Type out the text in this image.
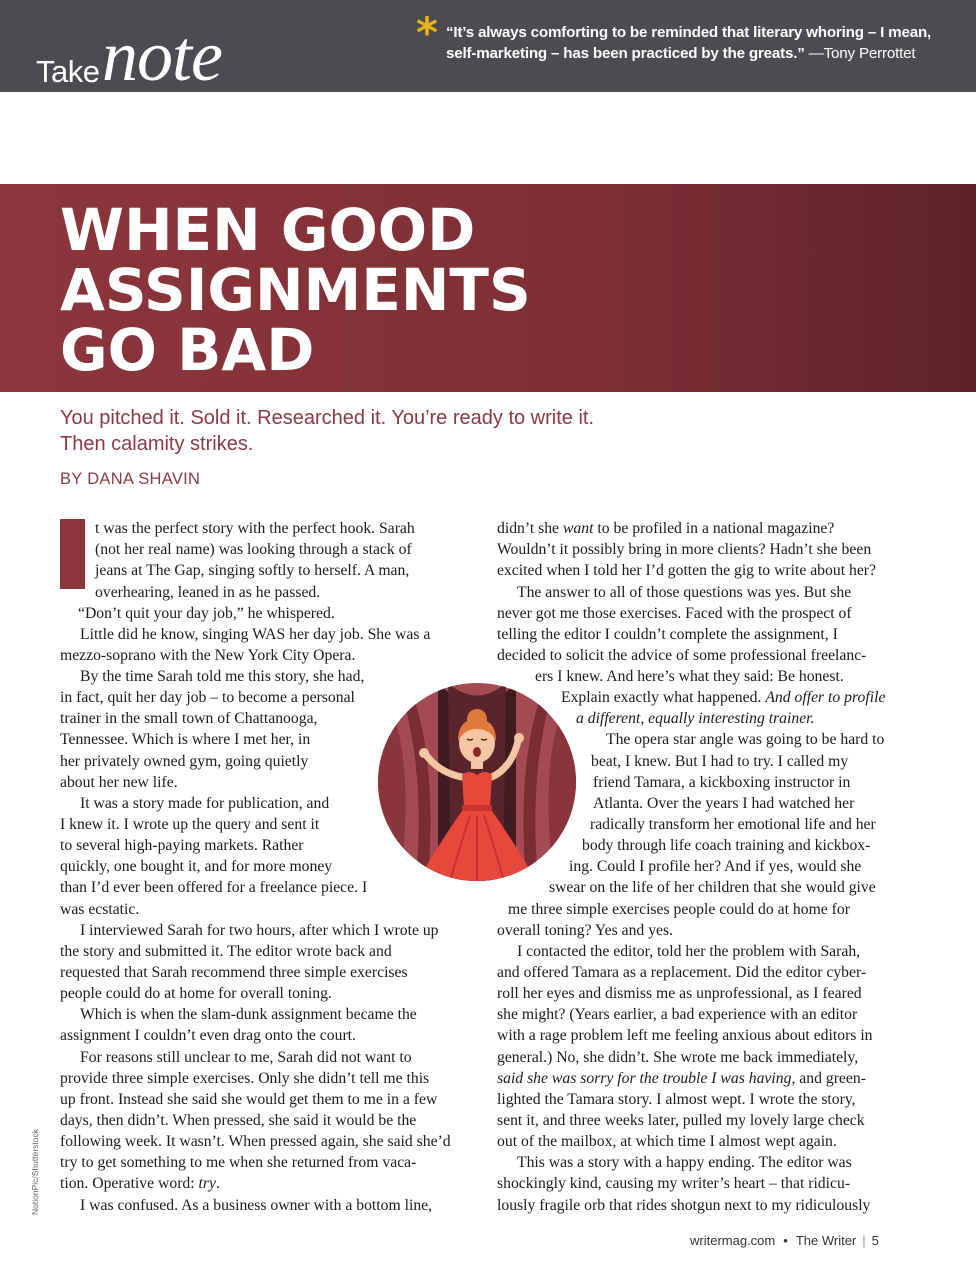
Take note	* “It’s always comforting to be reminded that literary whoring – I mean, self-marketing – has been practiced by the greats.” —Tony Perrottet
WHEN GOOD
ASSIGNMENTS
GO BAD
You pitched it. Sold it. Researched it. You’re ready to write it.
Then calamity strikes.
BY DANA SHAVIN
NotionPic/Shutterstock
t was the perfect story with the perfect hook. Sarah
(not her real name) was looking through a stack of
jeans at The Gap, singing softly to herself. A man,
overhearing, leaned in as he passed.
“Don’t quit your day job,” he whispered.
Little did he know, singing WAS her day job. She was a
mezzo-soprano with the New York City Opera.
By the time Sarah told me this story, she had,
in fact, quit her day job – to become a personal
trainer in the small town of Chattanooga,
Tennessee. Which is where I met her, in
her privately owned gym, going quietly
about her new life.
It was a story made for publication, and
I knew it. I wrote up the query and sent it
to several high-paying markets. Rather
quickly, one bought it, and for more money
than I’d ever been offered for a freelance piece. I
was ecstatic.
I interviewed Sarah for two hours, after which I wrote up
the story and submitted it. The editor wrote back and
requested that Sarah recommend three simple exercises
people could do at home for overall toning.
Which is when the slam-dunk assignment became the
assignment I couldn’t even drag onto the court.
For reasons still unclear to me, Sarah did not want to
provide three simple exercises. Only she didn’t tell me this
up front. Instead she said she would get them to me in a few
days, then didn’t. When pressed, she said it would be the
following week. It wasn’t. When pressed again, she said she’d
try to get something to me when she returned from vaca-
tion. Operative word: try.
I was confused. As a business owner with a bottom line,
didn’t she want to be profiled in a national magazine?
Wouldn’t it possibly bring in more clients? Hadn’t she been
excited when I told her I’d gotten the gig to write about her?
The answer to all of those questions was yes. But she
never got me those exercises. Faced with the prospect of
telling the editor I couldn’t complete the assignment, I
decided to solicit the advice of some professional freelanc-
ers I knew. And here’s what they said: Be honest.
Explain exactly what happened. And offer to profile
a different, equally interesting trainer.
The opera star angle was going to be hard to
beat, I knew. But I had to try. I called my
friend Tamara, a kickboxing instructor in
Atlanta. Over the years I had watched her
radically transform her emotional life and her
body through life coach training and kickbox-
ing. Could I profile her? And if yes, would she
swear on the life of her children that she would give
me three simple exercises people could do at home for
overall toning? Yes and yes.
I contacted the editor, told her the problem with Sarah,
and offered Tamara as a replacement. Did the editor cyber-
roll her eyes and dismiss me as unprofessional, as I feared
she might? (Years earlier, a bad experience with an editor
with a rage problem left me feeling anxious about editors in
general.) No, she didn’t. She wrote me back immediately,
said she was sorry for the trouble I was having, and green-
lighted the Tamara story. I almost wept. I wrote the story,
sent it, and three weeks later, pulled my lovely large check
out of the mailbox, at which time I almost wept again.
This was a story with a happy ending. The editor was
shockingly kind, causing my writer’s heart – that ridicu-
lously fragile orb that rides shotgun next to my ridiculously
writermag.com • The Writer | 5
